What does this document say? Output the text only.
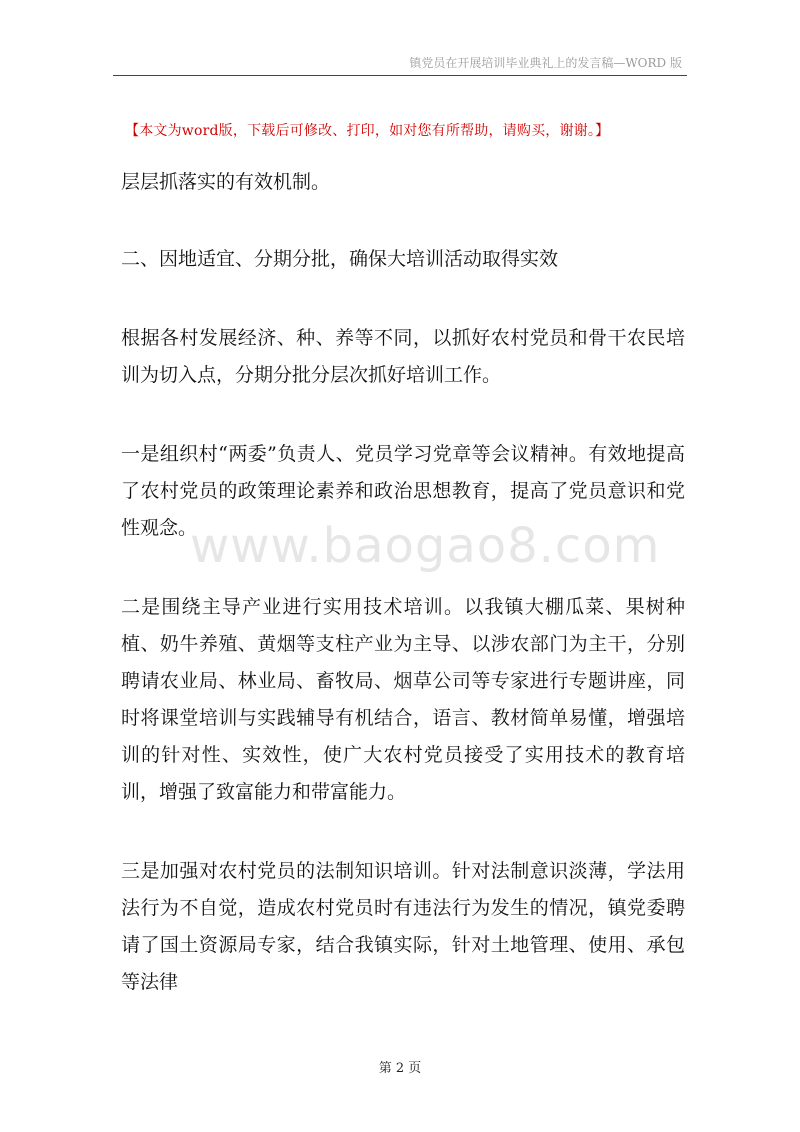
镇党员在开展培训毕业典礼上的发言稿—WORD 版
【本文为word版，下载后可修改、打印，如对您有所帮助，请购买，谢谢。】
www.baogao8.com

层层抓落实的有效机制。

二、因地适宜、分期分批，确保大培训活动取得实效

根据各村发展经济、种、养等不同，以抓好农村党员和骨干农民培训为切入点，分期分批分层次抓好培训工作。

一是组织村“两委”负责人、党员学习党章等会议精神。有效地提高了农村党员的政策理论素养和政治思想教育，提高了党员意识和党性观念。

二是围绕主导产业进行实用技术培训。以我镇大棚瓜菜、果树种植、奶牛养殖、黄烟等支柱产业为主导、以涉农部门为主干，分别聘请农业局、林业局、畜牧局、烟草公司等专家进行专题讲座，同时将课堂培训与实践辅导有机结合，语言、教材简单易懂，增强培训的针对性、实效性，使广大农村党员接受了实用技术的教育培训，增强了致富能力和带富能力。

三是加强对农村党员的法制知识培训。针对法制意识淡薄，学法用法行为不自觉，造成农村党员时有违法行为发生的情况，镇党委聘请了国土资源局专家，结合我镇实际，针对土地管理、使用、承包等法律

第 2 页
